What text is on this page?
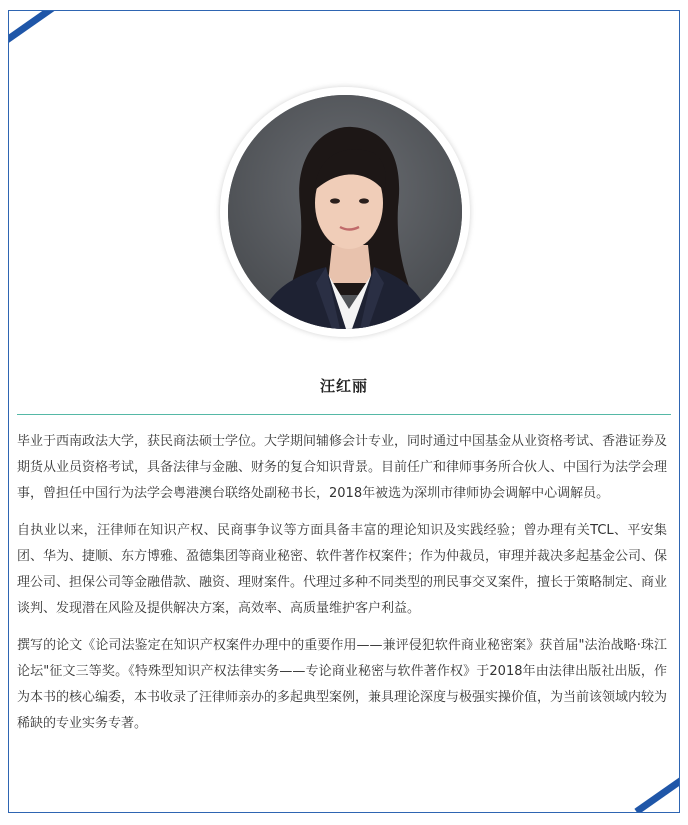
汪红丽

毕业于西南政法大学，获民商法硕士学位。大学期间辅修会计专业，同时通过中国基金从业资格考试、香港证券及期货从业员资格考试，具备法律与金融、财务的复合知识背景。目前任广和律师事务所合伙人、中国行为法学会理事，曾担任中国行为法学会粤港澳台联络处副秘书长，2018年被选为深圳市律师协会调解中心调解员。

自执业以来，汪律师在知识产权、民商事争议等方面具备丰富的理论知识及实践经验；曾办理有关TCL、平安集团、华为、捷顺、东方博雅、盈德集团等商业秘密、软件著作权案件；作为仲裁员，审理并裁决多起基金公司、保理公司、担保公司等金融借款、融资、理财案件。代理过多种不同类型的刑民事交叉案件，擅长于策略制定、商业谈判、发现潜在风险及提供解决方案，高效率、高质量维护客户利益。

撰写的论文《论司法鉴定在知识产权案件办理中的重要作用——兼评侵犯软件商业秘密案》获首届"法治战略·珠江论坛"征文三等奖。《特殊型知识产权法律实务——专论商业秘密与软件著作权》于2018年由法律出版社出版，作为本书的核心编委，本书收录了汪律师亲办的多起典型案例，兼具理论深度与极强实操价值，为当前该领域内较为稀缺的专业实务专著。
